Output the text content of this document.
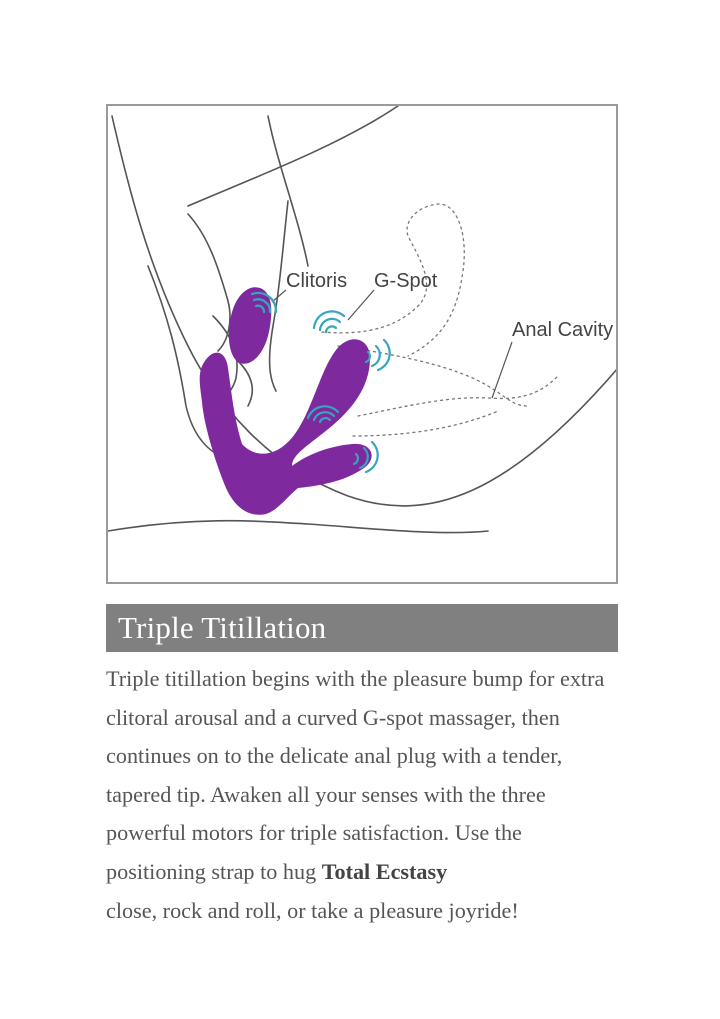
Clitoris G-Spot
Anal Cavity
Triple Titillation

Triple titillation begins with the pleasure bump for extra clitoral arousal and a curved G-spot massager, then continues on to the delicate anal plug with a tender, tapered tip. Awaken all your senses with the three powerful motors for triple satisfaction. Use the positioning strap to hug Total Ecstasy
close, rock and roll, or take a pleasure joyride!
